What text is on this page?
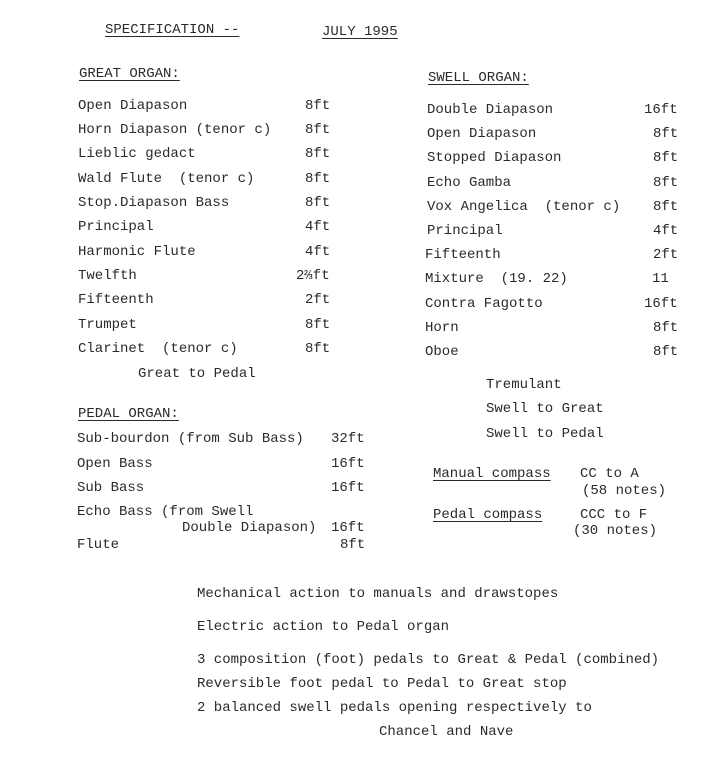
SPECIFICATION --	JULY 1995
GREAT ORGAN:
Open Diapason	8ft
Horn Diapason (tenor c) 8ft
Lieblic gedact	8ft
Wald Flute  (tenor c)	8ft
Stop.Diapason Bass	8ft
Principal	4ft
Harmonic Flute	4ft
Twelfth	2⅔ft
Fifteenth	2ft
Trumpet	8ft
Clarinet  (tenor c)	8ft
Great to Pedal
SWELL ORGAN:
Double Diapason	16ft
Open Diapason	8ft
Stopped Diapason	8ft
Echo Gamba	8ft
Vox Angelica  (tenor c) 8ft
Principal	4ft
Fifteenth	2ft
Mixture  (19. 22)	11
Contra Fagotto	16ft
Horn	8ft
Oboe	8ft
Tremulant
Swell to Great
Swell to Pedal
PEDAL ORGAN:
Sub-bourdon (from Sub Bass) 32ft
Open Bass	16ft
Sub Bass	16ft
Echo Bass (from Swell
Double Diapason) 16ft
Flute	8ft
Manual compass CC to A
(58 notes)
Pedal compass	CCC to F
(30 notes)
Mechanical action to manuals and drawstopes
Electric action to Pedal organ
3 composition (foot) pedals to Great & Pedal (combined)
Reversible foot pedal to Pedal to Great stop
2 balanced swell pedals opening respectively to
Chancel and Nave
